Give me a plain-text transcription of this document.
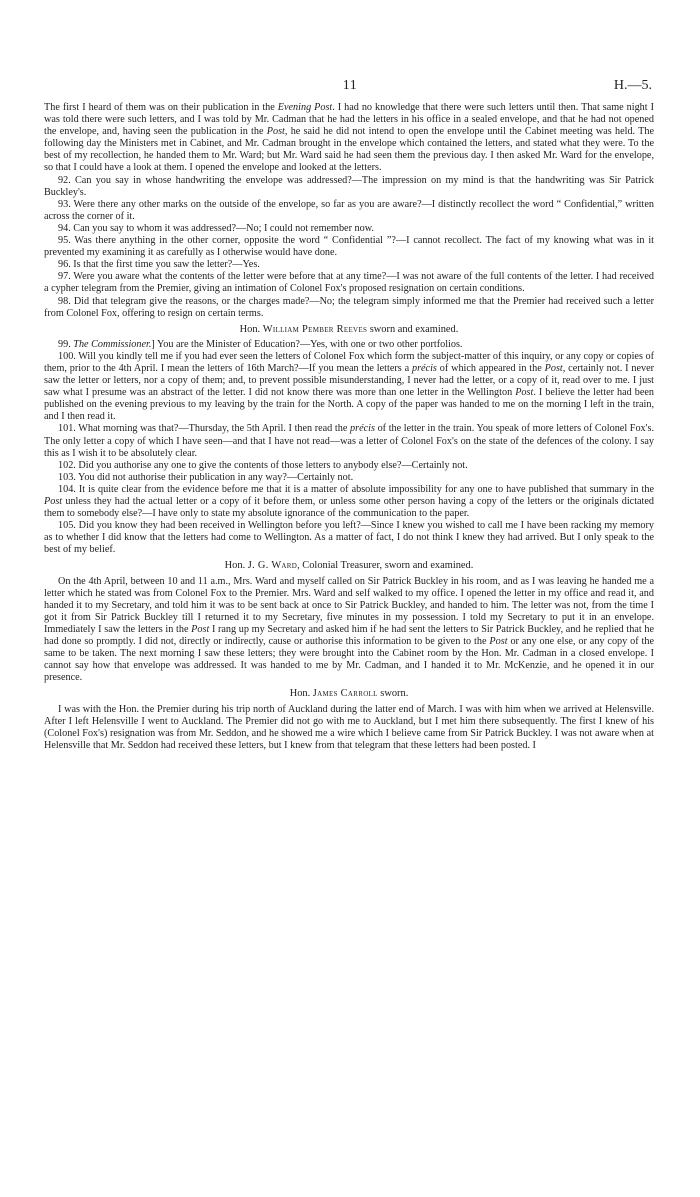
11	H.—5.

The first I heard of them was on their publication in the Evening Post. I had no knowledge that there were such letters until then. That same night I was told there were such letters, and I was told by Mr. Cadman that he had the letters in his office in a sealed envelope, and that he had not opened the envelope, and, having seen the publication in the Post, he said he did not intend to open the envelope until the Cabinet meeting was held. The following day the Ministers met in Cabinet, and Mr. Cadman brought in the envelope which contained the letters, and stated what they were. To the best of my recollection, he handed them to Mr. Ward; but Mr. Ward said he had seen them the previous day. I then asked Mr. Ward for the envelope, so that I could have a look at them. I opened the envelope and looked at the letters.

92. Can you say in whose handwriting the envelope was addressed?—The impression on my mind is that the handwriting was Sir Patrick Buckley's.

93. Were there any other marks on the outside of the envelope, so far as you are aware?—I distinctly recollect the word “ Confidential,” written across the corner of it.

94. Can you say to whom it was addressed?—No; I could not remember now.

95. Was there anything in the other corner, opposite the word “ Confidential ”?—I cannot recollect. The fact of my knowing what was in it prevented my examining it as carefully as I otherwise would have done.

96. Is that the first time you saw the letter?—Yes.

97. Were you aware what the contents of the letter were before that at any time?—I was not aware of the full contents of the letter. I had received a cypher telegram from the Premier, giving an intimation of Colonel Fox's proposed resignation on certain conditions.

98. Did that telegram give the reasons, or the charges made?—No; the telegram simply informed me that the Premier had received such a letter from Colonel Fox, offering to resign on certain terms.

Hon. William Pember Reeves sworn and examined.

99. The Commissioner.] You are the Minister of Education?—Yes, with one or two other portfolios.

100. Will you kindly tell me if you had ever seen the letters of Colonel Fox which form the subject-matter of this inquiry, or any copy or copies of them, prior to the 4th April. I mean the letters of 16th March?—If you mean the letters a précis of which appeared in the Post, certainly not. I never saw the letter or letters, nor a copy of them; and, to prevent possible misunderstanding, I never had the letter, or a copy of it, read over to me. I just saw what I presume was an abstract of the letter. I did not know there was more than one letter in the Wellington Post. I believe the letter had been published on the evening previous to my leaving by the train for the North. A copy of the paper was handed to me on the morning I left in the train, and I then read it.

101. What morning was that?—Thursday, the 5th April. I then read the précis of the letter in the train. You speak of more letters of Colonel Fox's. The only letter a copy of which I have seen—and that I have not read—was a letter of Colonel Fox's on the state of the defences of the colony. I say this as I wish it to be absolutely clear.

102. Did you authorise any one to give the contents of those letters to anybody else?—Certainly not.

103. You did not authorise their publication in any way?—Certainly not.

104. It is quite clear from the evidence before me that it is a matter of absolute impossibility for any one to have published that summary in the Post unless they had the actual letter or a copy of it before them, or unless some other person having a copy of the letters or the originals dictated them to somebody else?—I have only to state my absolute ignorance of the communication to the paper.

105. Did you know they had been received in Wellington before you left?—Since I knew you wished to call me I have been racking my memory as to whether I did know that the letters had come to Wellington. As a matter of fact, I do not think I knew they had arrived. But I only speak to the best of my belief.

Hon. J. G. Ward, Colonial Treasurer, sworn and examined.

On the 4th April, between 10 and 11 a.m., Mrs. Ward and myself called on Sir Patrick Buckley in his room, and as I was leaving he handed me a letter which he stated was from Colonel Fox to the Premier. Mrs. Ward and self walked to my office. I opened the letter in my office and read it, and handed it to my Secretary, and told him it was to be sent back at once to Sir Patrick Buckley, and handed to him. The letter was not, from the time I got it from Sir Patrick Buckley till I returned it to my Secretary, five minutes in my possession. I told my Secretary to put it in an envelope. Immediately I saw the letters in the Post I rang up my Secretary and asked him if he had sent the letters to Sir Patrick Buckley, and he replied that he had done so promptly. I did not, directly or indirectly, cause or authorise this information to be given to the Post or any one else, or any copy of the same to be taken. The next morning I saw these letters; they were brought into the Cabinet room by the Hon. Mr. Cadman in a closed envelope. I cannot say how that envelope was addressed. It was handed to me by Mr. Cadman, and I handed it to Mr. McKenzie, and he opened it in our presence.

Hon. James Carroll sworn.

I was with the Hon. the Premier during his trip north of Auckland during the latter end of March. I was with him when we arrived at Helensville. After I left Helensville I went to Auckland. The Premier did not go with me to Auckland, but I met him there subsequently. The first I knew of his (Colonel Fox's) resignation was from Mr. Seddon, and he showed me a wire which I believe came from Sir Patrick Buckley. I was not aware when at Helensville that Mr. Seddon had received these letters, but I knew from that telegram that these letters had been posted. I
